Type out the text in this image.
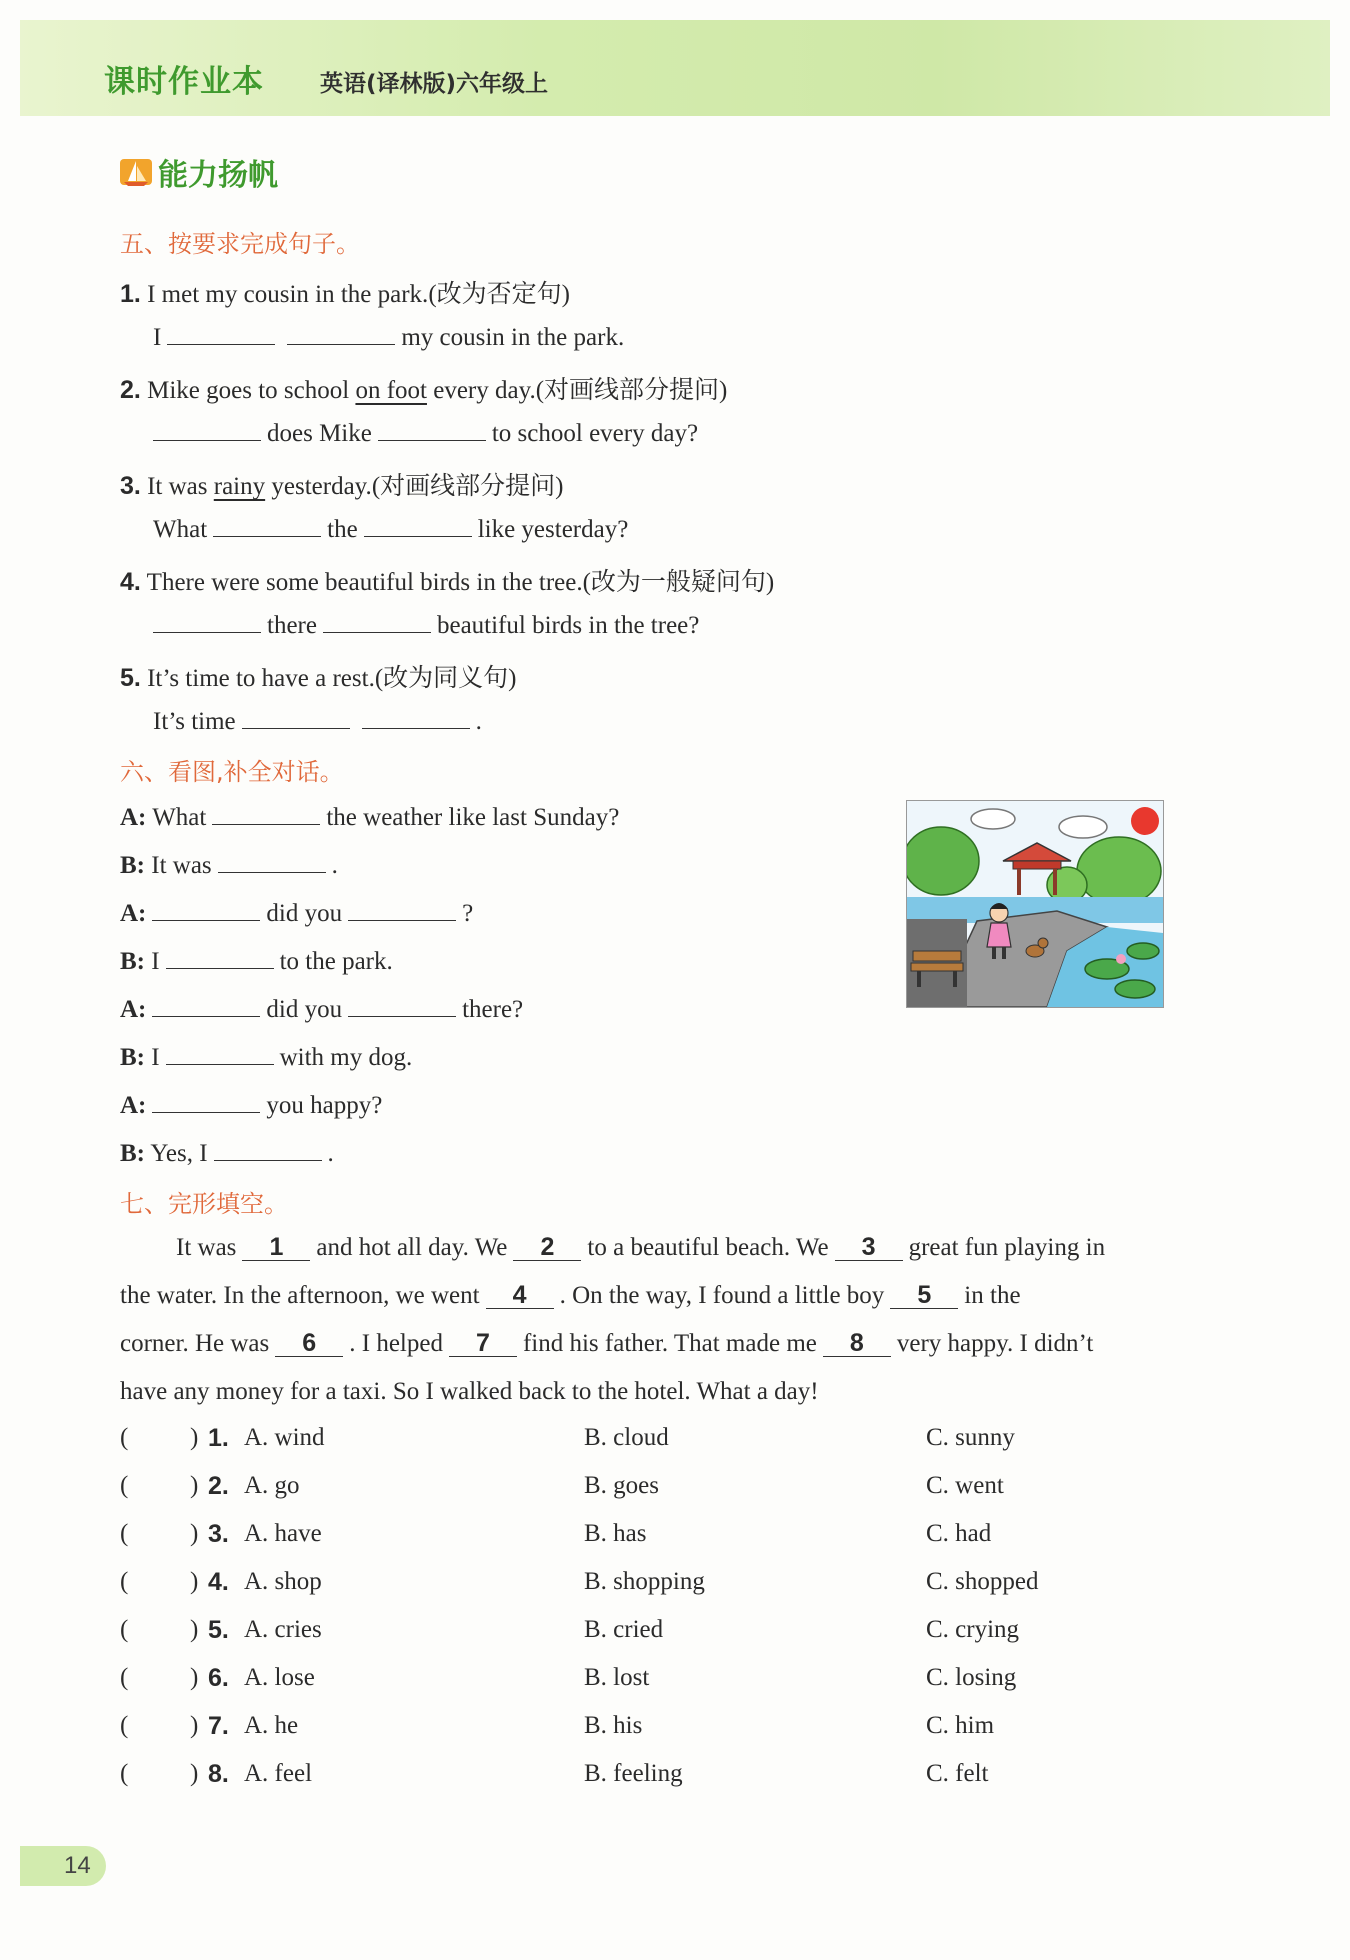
课时作业本 英语(译林版)六年级上
能力扬帆
五、按要求完成句子。
1. I met my cousin in the park.(改为否定句)
I	my cousin in the park.
2. Mike goes to school on foot every day.(对画线部分提问)
does Mike	to school every day?
3. It was rainy yesterday.(对画线部分提问)
What	the	like yesterday?
4. There were some beautiful birds in the tree.(改为一般疑问句)
there	beautiful birds in the tree?
5. It’s time to have a rest.(改为同义句)
It’s time	.
六、看图,补全对话。
A: What	the weather like last Sunday?
B: It was	.
A:	did you	?
B: I	to the park.
A:	did you	there?
B: I	with my dog.
A:	you happy?
B: Yes, I	.
七、完形填空。
It was 1 and hot all day. We 2 to a beautiful beach. We 3 great fun playing in
the water. In the afternoon, we went 4 . On the way, I found a little boy 5 in the
corner. He was 6 . I helped 7 find his father. That made me 8 very happy. I didn’t
have any money for a taxi. So I walked back to the hotel. What a day!
( ) 1. A. wind	B. cloud	C. sunny
( ) 2. A. go	B. goes	C. went
( ) 3. A. have	B. has	C. had
( ) 4. A. shop	B. shopping	C. shopped
( ) 5. A. cries	B. cried	C. crying
( ) 6. A. lose	B. lost	C. losing
( ) 7. A. he	B. his	C. him
( ) 8. A. feel	B. feeling	C. felt
14
